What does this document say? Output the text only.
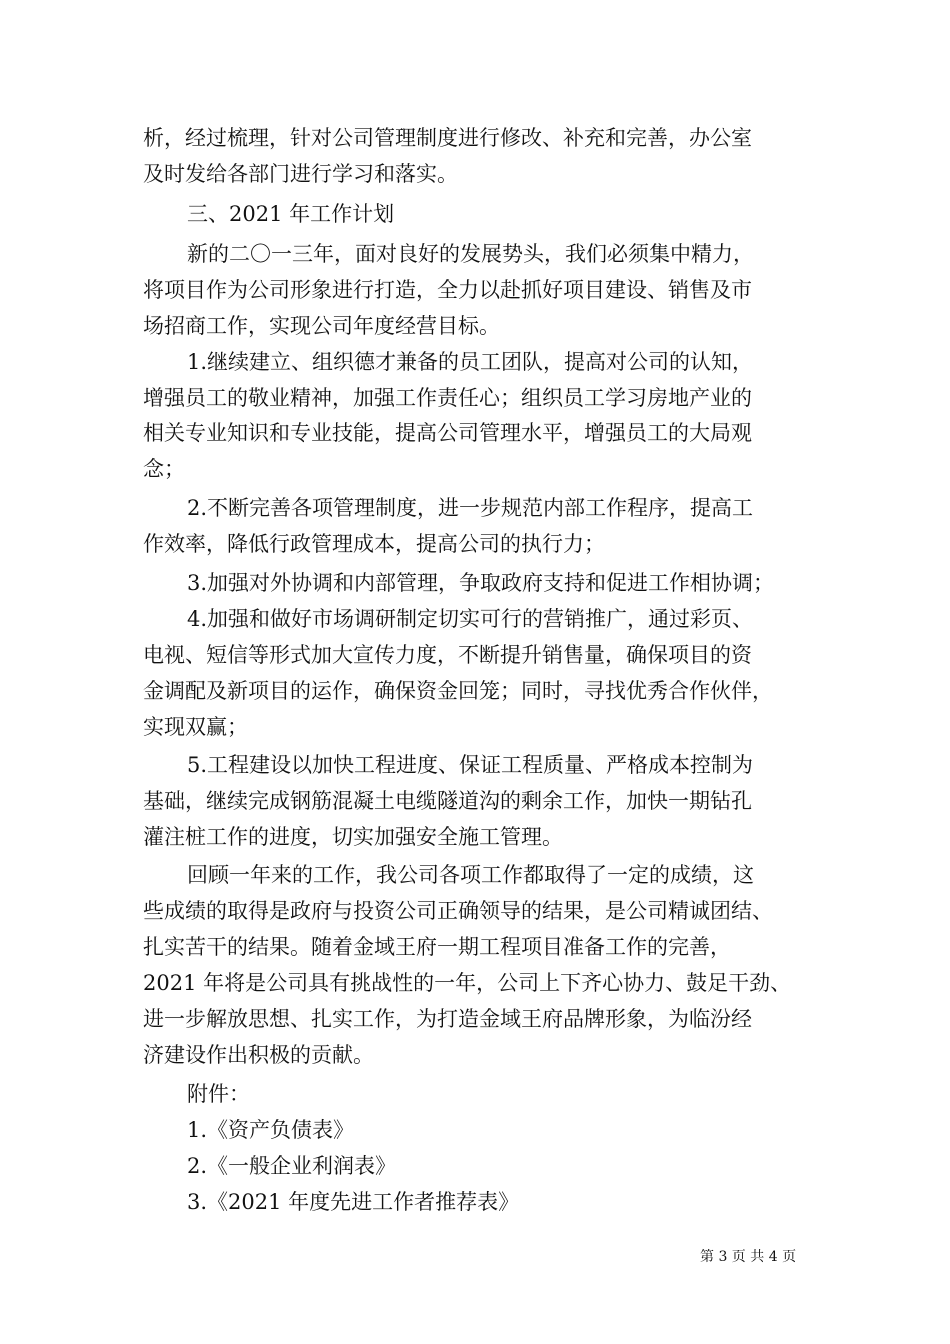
析，经过梳理，针对公司管理制度进行修改、补充和完善，办公室
及时发给各部门进行学习和落实。
三、2021 年工作计划
新的二〇一三年，面对良好的发展势头，我们必须集中精力，
将项目作为公司形象进行打造，全力以赴抓好项目建设、销售及市
场招商工作，实现公司年度经营目标。
1.继续建立、组织德才兼备的员工团队，提高对公司的认知，
增强员工的敬业精神，加强工作责任心；组织员工学习房地产业的
相关专业知识和专业技能，提高公司管理水平，增强员工的大局观
念；
2.不断完善各项管理制度，进一步规范内部工作程序，提高工
作效率，降低行政管理成本，提高公司的执行力；
3.加强对外协调和内部管理，争取政府支持和促进工作相协调；
4.加强和做好市场调研制定切实可行的营销推广，通过彩页、
电视、短信等形式加大宣传力度，不断提升销售量，确保项目的资
金调配及新项目的运作，确保资金回笼；同时，寻找优秀合作伙伴，
实现双赢；
5.工程建设以加快工程进度、保证工程质量、严格成本控制为
基础，继续完成钢筋混凝土电缆隧道沟的剩余工作，加快一期钻孔
灌注桩工作的进度，切实加强安全施工管理。
回顾一年来的工作，我公司各项工作都取得了一定的成绩，这
些成绩的取得是政府与投资公司正确领导的结果，是公司精诚团结、
扎实苦干的结果。随着金域王府一期工程项目准备工作的完善，
2021 年将是公司具有挑战性的一年，公司上下齐心协力、鼓足干劲、
进一步解放思想、扎实工作，为打造金域王府品牌形象，为临汾经
济建设作出积极的贡献。
附件：
1.《资产负债表》
2.《一般企业利润表》
3.《2021 年度先进工作者推荐表》
第 3 页 共 4 页
